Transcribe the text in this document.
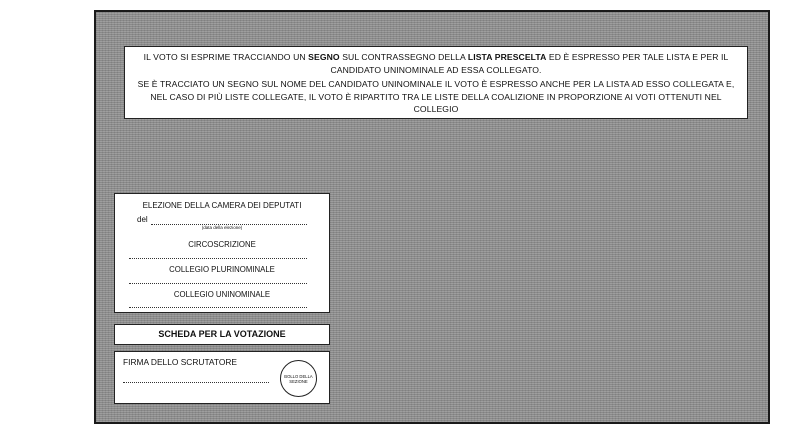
IL VOTO SI ESPRIME TRACCIANDO UN SEGNO SUL CONTRASSEGNO DELLA LISTA PRESCELTA ED È ESPRESSO PER TALE LISTA E PER IL CANDIDATO UNINOMINALE AD ESSA COLLEGATO.

SE È TRACCIATO UN SEGNO SUL NOME DEL CANDIDATO UNINOMINALE IL VOTO È ESPRESSO ANCHE PER LA LISTA AD ESSO COLLEGATA E, NEL CASO DI PIÙ LISTE COLLEGATE, IL VOTO È RIPARTITO TRA LE LISTE DELLA COALIZIONE IN PROPORZIONE AI VOTI OTTENUTI NEL COLLEGIO

ELEZIONE DELLA CAMERA DEI DEPUTATI
del
(data della elezione)
CIRCOSCRIZIONE
COLLEGIO PLURINOMINALE
COLLEGIO UNINOMINALE
SCHEDA PER LA VOTAZIONE
FIRMA DELLO SCRUTATORE
BOLLO DELLA SEZIONE
